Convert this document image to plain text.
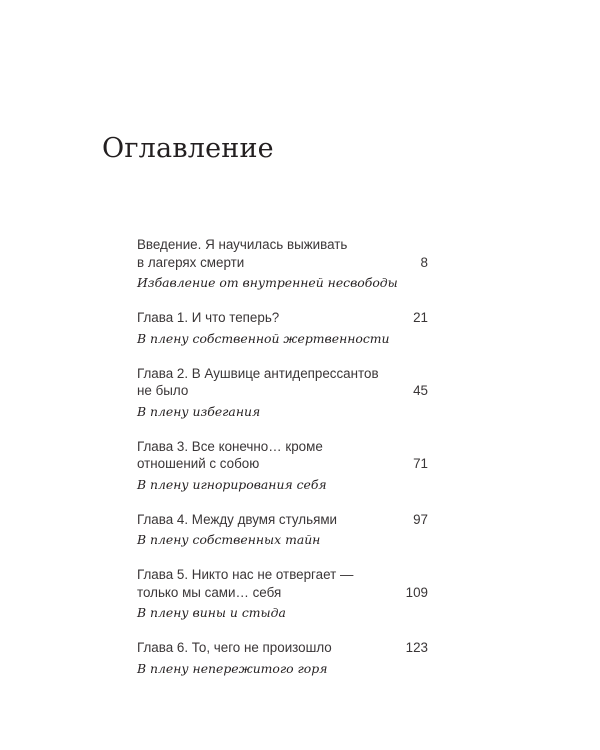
Оглавление
Введение. Я научилась выживать
в лагерях смерти	8
Избавление от внутренней несвободы
Глава 1. И что теперь?	21
В плену собственной жертвенности
Глава 2. В Аушвице антидепрессантов
не было	45
В плену избегания
Глава 3. Все конечно… кроме
отношений с собою	71
В плену игнорирования себя
Глава 4. Между двумя стульями	97
В плену собственных тайн
Глава 5. Никто нас не отвергает —
только мы сами… себя	109
В плену вины и стыда
Глава 6. То, чего не произошло	123
В плену непережитого горя
